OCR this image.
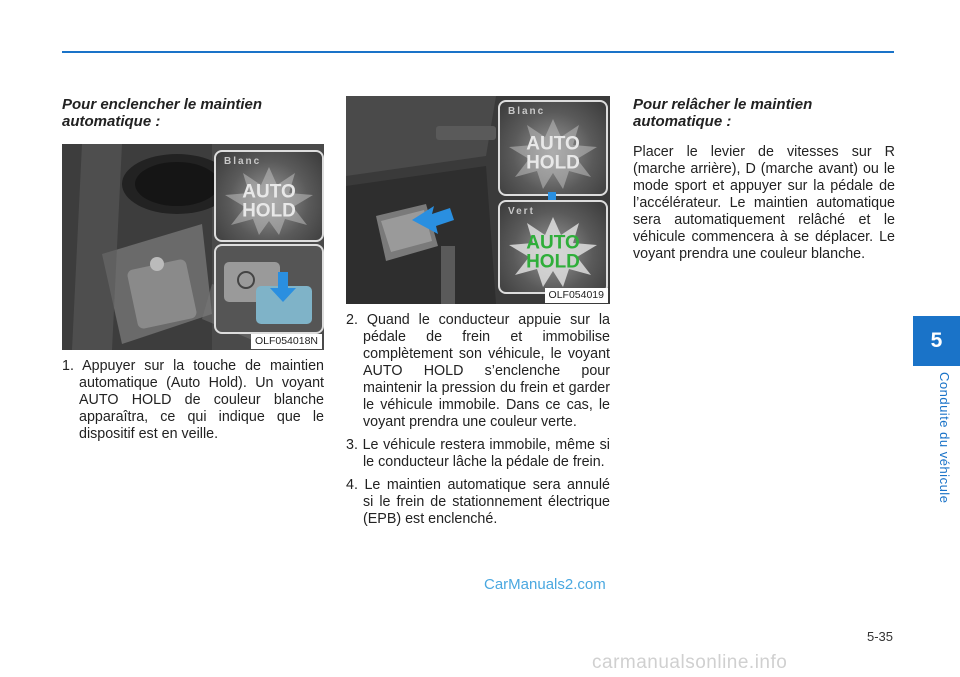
Pour enclencher le maintien automatique :

Blanc
AUTO
HOLD
OLF054018N
1. Appuyer sur la touche de maintien automatique (Auto Hold). Un voyant AUTO HOLD de couleur blanche apparaîtra, ce qui indique que le dispositif est en veille.
Blanc
AUTO
HOLD
Vert
AUTO
HOLD
OLF054019
2. Quand le conducteur appuie sur la pédale de frein et immobilise complètement son véhicule, le voyant AUTO HOLD s’enclenche pour maintenir la pression du frein et garder le véhicule immobile. Dans ce cas, le voyant prendra une couleur verte.
3. Le véhicule restera immobile, même si le conducteur lâche la pédale de frein.
4. Le maintien automatique sera annulé si le frein de stationnement électrique (EPB) est enclenché.

Pour relâcher le maintien automatique :

Placer le levier de vitesses sur R (marche arrière), D (marche avant) ou le mode sport et appuyer sur la pédale de l’accélérateur. Le maintien automatique sera automatiquement relâché et le véhicule commencera à se déplacer. Le voyant prendra une couleur blanche.

5
Conduite du véhicule
5-35
CarManuals2.com
carmanualsonline.info
